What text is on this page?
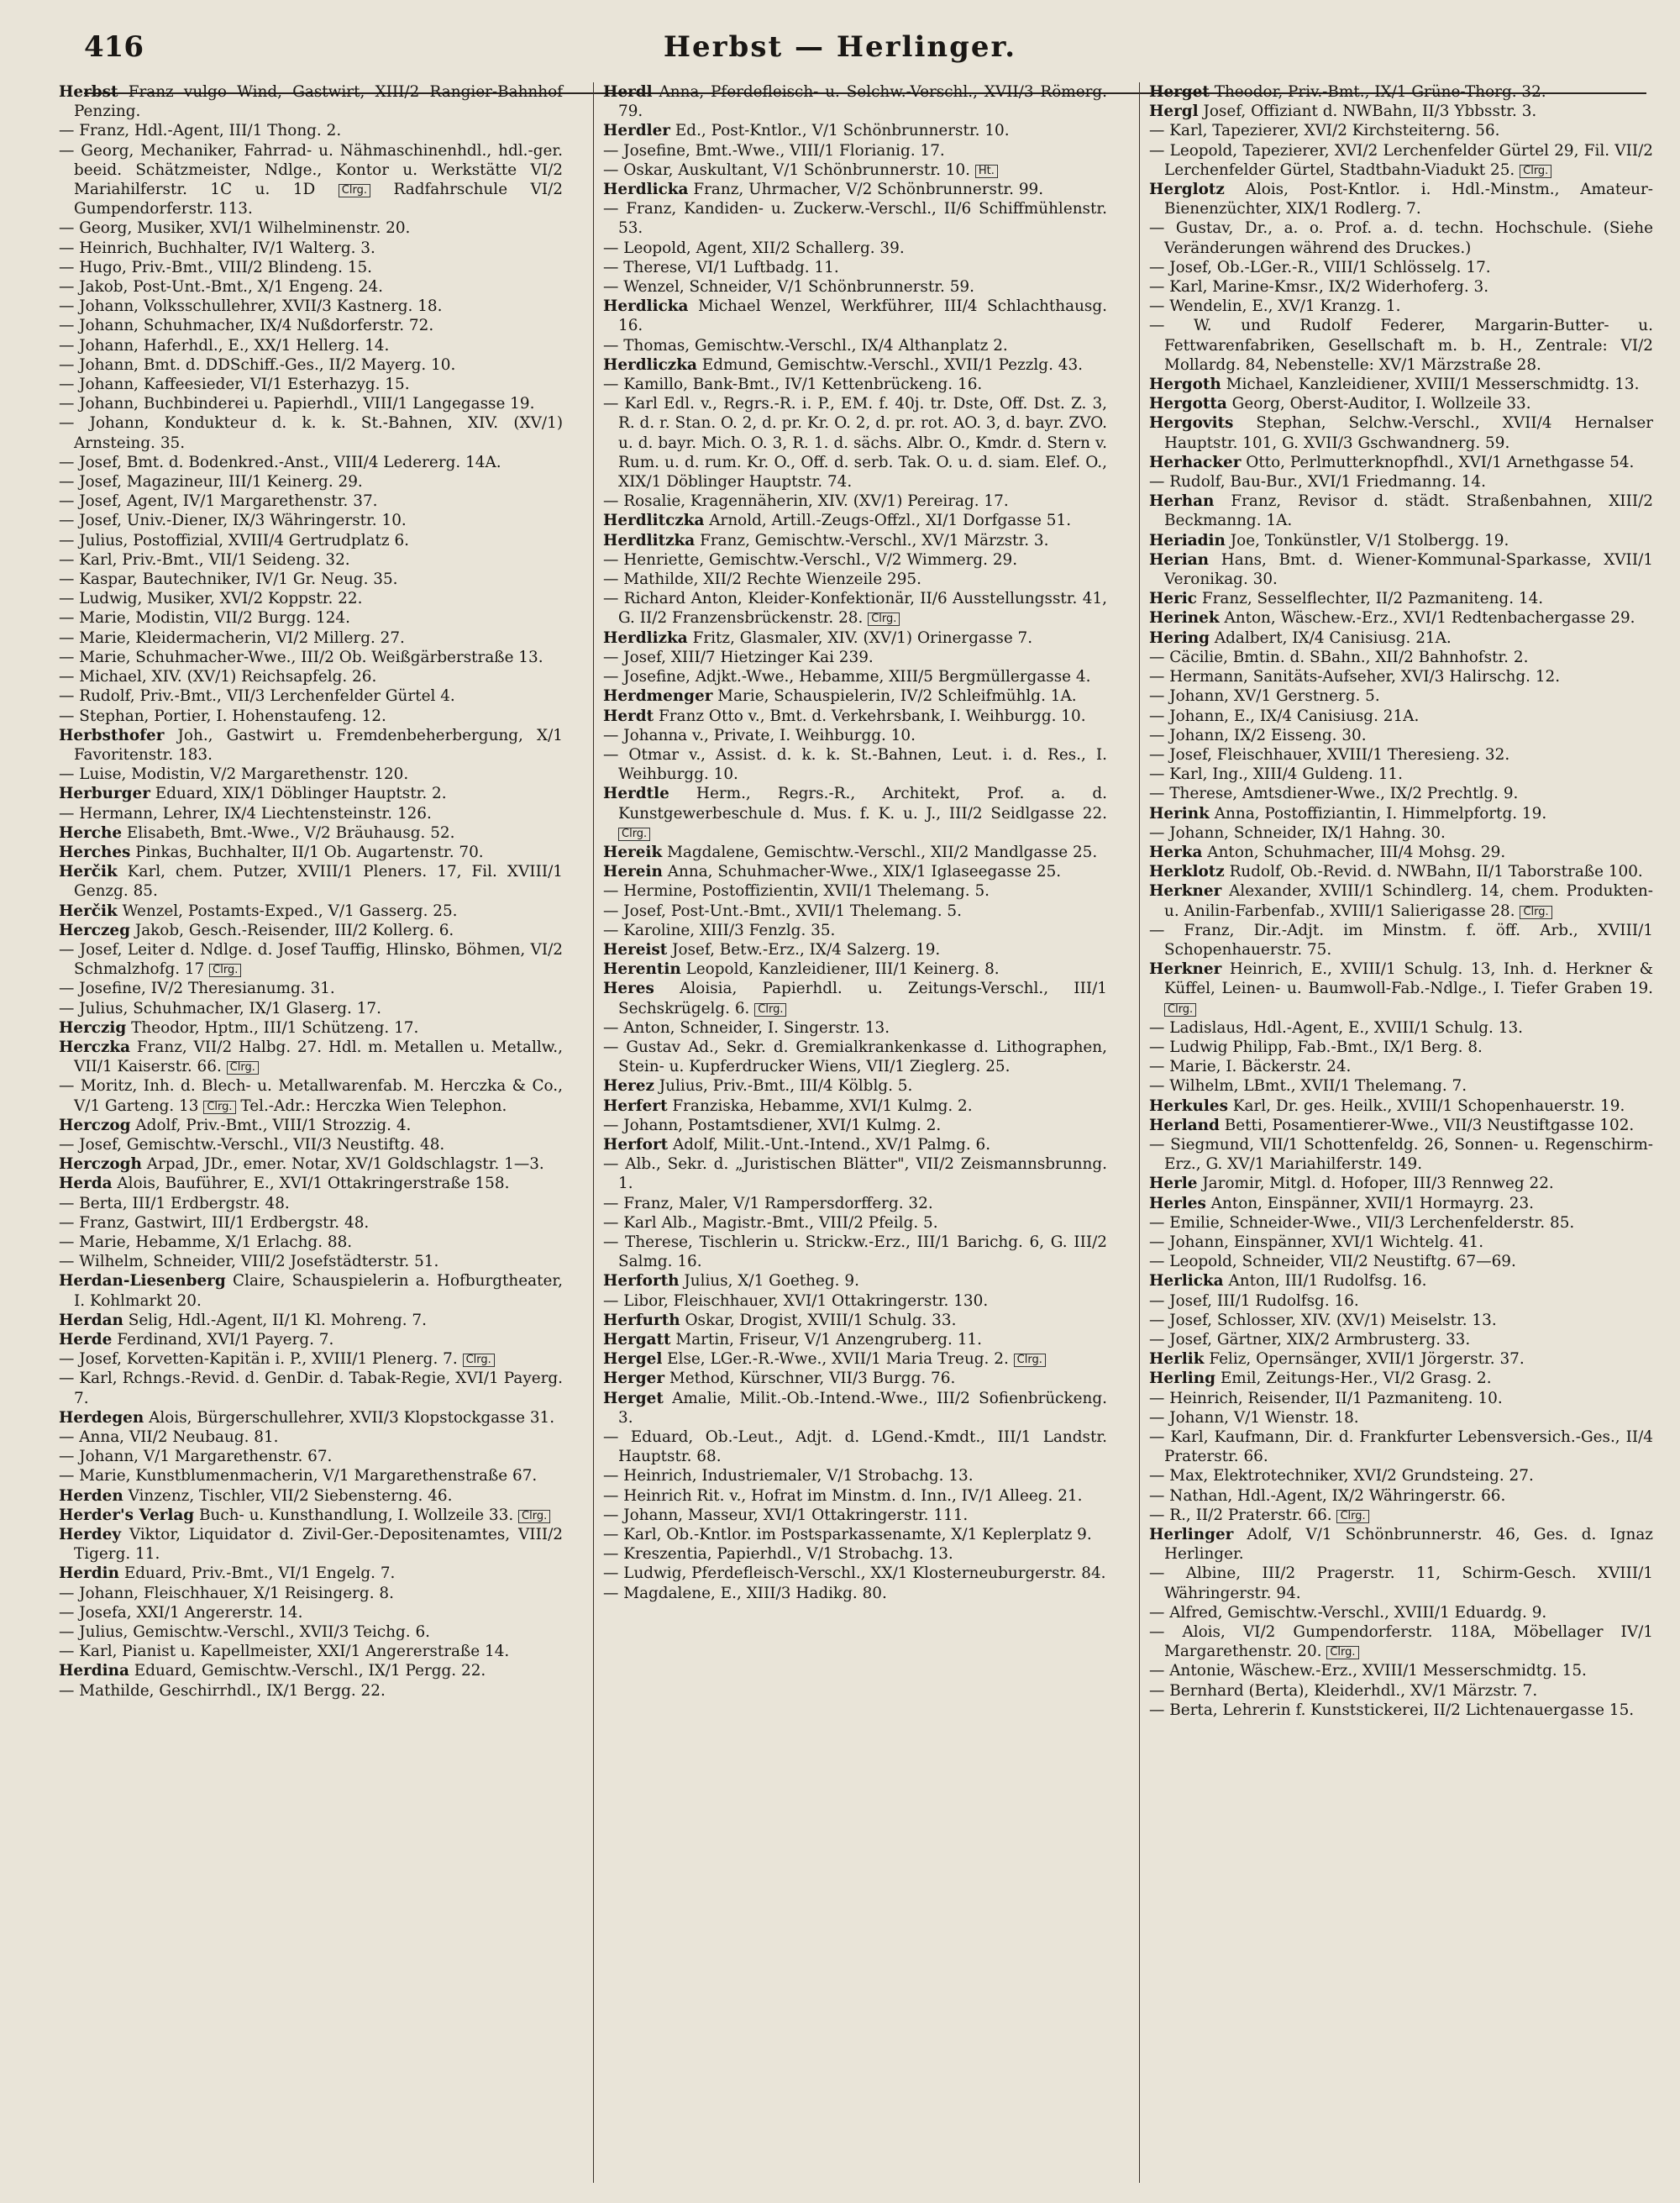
416	Herbst — Herlinger.
Herbst Franz vulgo Wind, Gastwirt, XIII/2 Rangier-Bahnhof Penzing.
— Franz, Hdl.-Agent, III/1 Thong. 2.
— Georg, Mechaniker, Fahrrad- u. Nähmaschinenhdl., hdl.-ger. beeid. Schätzmeister, Ndlge., Kontor u. Werkstätte VI/2 Mariahilferstr. 1C u. 1D Clrg. Radfahrschule VI/2 Gumpendorferstr. 113.
— Georg, Musiker, XVI/1 Wilhelminenstr. 20.
— Heinrich, Buchhalter, IV/1 Walterg. 3.
— Hugo, Priv.-Bmt., VIII/2 Blindeng. 15.
— Jakob, Post-Unt.-Bmt., X/1 Engeng. 24.
— Johann, Volksschullehrer, XVII/3 Kastnerg. 18.
— Johann, Schuhmacher, IX/4 Nußdorferstr. 72.
— Johann, Haferhdl., E., XX/1 Hellerg. 14.
— Johann, Bmt. d. DDSchiff.-Ges., II/2 Mayerg. 10.
— Johann, Kaffeesieder, VI/1 Esterhazyg. 15.
— Johann, Buchbinderei u. Papierhdl., VIII/1 Langegasse 19.
— Johann, Kondukteur d. k. k. St.-Bahnen, XIV. (XV/1) Arnsteing. 35.
— Josef, Bmt. d. Bodenkred.-Anst., VIII/4 Ledererg. 14A.
— Josef, Magazineur, III/1 Keinerg. 29.
— Josef, Agent, IV/1 Margarethenstr. 37.
— Josef, Univ.-Diener, IX/3 Währingerstr. 10.
— Julius, Postoffizial, XVIII/4 Gertrudplatz 6.
— Karl, Priv.-Bmt., VII/1 Seideng. 32.
— Kaspar, Bautechniker, IV/1 Gr. Neug. 35.
— Ludwig, Musiker, XVI/2 Koppstr. 22.
— Marie, Modistin, VII/2 Burgg. 124.
— Marie, Kleidermacherin, VI/2 Millerg. 27.
— Marie, Schuhmacher-Wwe., III/2 Ob. Weißgärberstraße 13.
— Michael, XIV. (XV/1) Reichsapfelg. 26.
— Rudolf, Priv.-Bmt., VII/3 Lerchenfelder Gürtel 4.
— Stephan, Portier, I. Hohenstaufeng. 12.
Herbsthofer Joh., Gastwirt u. Fremdenbeherbergung, X/1 Favoritenstr. 183.
— Luise, Modistin, V/2 Margarethenstr. 120.
Herburger Eduard, XIX/1 Döblinger Hauptstr. 2.
— Hermann, Lehrer, IX/4 Liechtensteinstr. 126.
Herche Elisabeth, Bmt.-Wwe., V/2 Bräuhausg. 52.
Herches Pinkas, Buchhalter, II/1 Ob. Augartenstr. 70.
Herčik Karl, chem. Putzer, XVIII/1 Pleners. 17, Fil. XVIII/1 Genzg. 85.
Herčik Wenzel, Postamts-Exped., V/1 Gasserg. 25.
Herczeg Jakob, Gesch.-Reisender, III/2 Kollerg. 6.
— Josef, Leiter d. Ndlge. d. Josef Tauffig, Hlinsko, Böhmen, VI/2 Schmalzhofg. 17 Clrg.
— Josefine, IV/2 Theresianumg. 31.
— Julius, Schuhmacher, IX/1 Glaserg. 17.
Herczig Theodor, Hptm., III/1 Schützeng. 17.
Herczka Franz, VII/2 Halbg. 27. Hdl. m. Metallen u. Metallw., VII/1 Kaiserstr. 66. Clrg.
— Moritz, Inh. d. Blech- u. Metallwarenfab. M. Herczka & Co., V/1 Garteng. 13 Clrg. Tel.-Adr.: Herczka Wien Telephon.
Herczog Adolf, Priv.-Bmt., VIII/1 Strozzig. 4.
— Josef, Gemischtw.-Verschl., VII/3 Neustiftg. 48.
Herczogh Arpad, JDr., emer. Notar, XV/1 Goldschlagstr. 1—3.
Herda Alois, Bauführer, E., XVI/1 Ottakringerstraße 158.
— Berta, III/1 Erdbergstr. 48.
— Franz, Gastwirt, III/1 Erdbergstr. 48.
— Marie, Hebamme, X/1 Erlachg. 88.
— Wilhelm, Schneider, VIII/2 Josefstädterstr. 51.
Herdan-Liesenberg Claire, Schauspielerin a. Hofburgtheater, I. Kohlmarkt 20.
Herdan Selig, Hdl.-Agent, II/1 Kl. Mohreng. 7.
Herde Ferdinand, XVI/1 Payerg. 7.
— Josef, Korvetten-Kapitän i. P., XVIII/1 Plenerg. 7. Clrg.
— Karl, Rchngs.-Revid. d. GenDir. d. Tabak-Regie, XVI/1 Payerg. 7.
Herdegen Alois, Bürgerschullehrer, XVII/3 Klopstockgasse 31.
— Anna, VII/2 Neubaug. 81.
— Johann, V/1 Margarethenstr. 67.
— Marie, Kunstblumenmacherin, V/1 Margarethenstraße 67.
Herden Vinzenz, Tischler, VII/2 Siebensterng. 46.
Herder's Verlag Buch- u. Kunsthandlung, I. Wollzeile 33. Clrg.
Herdey Viktor, Liquidator d. Zivil-Ger.-Depositenamtes, VIII/2 Tigerg. 11.
Herdin Eduard, Priv.-Bmt., VI/1 Engelg. 7.
— Johann, Fleischhauer, X/1 Reisingerg. 8.
— Josefa, XXI/1 Angererstr. 14.
— Julius, Gemischtw.-Verschl., XVII/3 Teichg. 6.
— Karl, Pianist u. Kapellmeister, XXI/1 Angererstraße 14.
Herdina Eduard, Gemischtw.-Verschl., IX/1 Pergg. 22.
— Mathilde, Geschirrhdl., IX/1 Bergg. 22.
Herdl Anna, Pferdefleisch- u. Selchw.-Verschl., XVII/3 Römerg. 79.
Herdler Ed., Post-Kntlor., V/1 Schönbrunnerstr. 10.
— Josefine, Bmt.-Wwe., VIII/1 Florianig. 17.
— Oskar, Auskultant, V/1 Schönbrunnerstr. 10. Ht.
Herdlicka Franz, Uhrmacher, V/2 Schönbrunnerstr. 99.
— Franz, Kandiden- u. Zuckerw.-Verschl., II/6 Schiffmühlenstr. 53.
— Leopold, Agent, XII/2 Schallerg. 39.
— Therese, VI/1 Luftbadg. 11.
— Wenzel, Schneider, V/1 Schönbrunnerstr. 59.
Herdlicka Michael Wenzel, Werkführer, III/4 Schlachthausg. 16.
— Thomas, Gemischtw.-Verschl., IX/4 Althanplatz 2.
Herdliczka Edmund, Gemischtw.-Verschl., XVII/1 Pezzlg. 43.
— Kamillo, Bank-Bmt., IV/1 Kettenbrückeng. 16.
— Karl Edl. v., Regrs.-R. i. P., EM. f. 40j. tr. Dste, Off. Dst. Z. 3, R. d. r. Stan. O. 2, d. pr. Kr. O. 2, d. pr. rot. AO. 3, d. bayr. ZVO. u. d. bayr. Mich. O. 3, R. 1. d. sächs. Albr. O., Kmdr. d. Stern v. Rum. u. d. rum. Kr. O., Off. d. serb. Tak. O. u. d. siam. Elef. O., XIX/1 Döblinger Hauptstr. 74.
— Rosalie, Kragennäherin, XIV. (XV/1) Pereirag. 17.
Herdlitczka Arnold, Artill.-Zeugs-Offzl., XI/1 Dorfgasse 51.
Herdlitzka Franz, Gemischtw.-Verschl., XV/1 Märzstr. 3.
— Henriette, Gemischtw.-Verschl., V/2 Wimmerg. 29.
— Mathilde, XII/2 Rechte Wienzeile 295.
— Richard Anton, Kleider-Konfektionär, II/6 Ausstellungsstr. 41, G. II/2 Franzensbrückenstr. 28. Clrg.
Herdlizka Fritz, Glasmaler, XIV. (XV/1) Orinergasse 7.
— Josef, XIII/7 Hietzinger Kai 239.
— Josefine, Adjkt.-Wwe., Hebamme, XIII/5 Bergmüllergasse 4.
Herdmenger Marie, Schauspielerin, IV/2 Schleifmühlg. 1A.
Herdt Franz Otto v., Bmt. d. Verkehrsbank, I. Weihburgg. 10.
— Johanna v., Private, I. Weihburgg. 10.
— Otmar v., Assist. d. k. k. St.-Bahnen, Leut. i. d. Res., I. Weihburgg. 10.
Herdtle Herm., Regrs.-R., Architekt, Prof. a. d. Kunstgewerbeschule d. Mus. f. K. u. J., III/2 Seidlgasse 22. Clrg.
Hereik Magdalene, Gemischtw.-Verschl., XII/2 Mandlgasse 25.
Herein Anna, Schuhmacher-Wwe., XIX/1 Iglaseegasse 25.
— Hermine, Postoffizientin, XVII/1 Thelemang. 5.
— Josef, Post-Unt.-Bmt., XVII/1 Thelemang. 5.
— Karoline, XIII/3 Fenzlg. 35.
Hereist Josef, Betw.-Erz., IX/4 Salzerg. 19.
Herentin Leopold, Kanzleidiener, III/1 Keinerg. 8.
Heres Aloisia, Papierhdl. u. Zeitungs-Verschl., III/1 Sechskrügelg. 6. Clrg.
— Anton, Schneider, I. Singerstr. 13.
— Gustav Ad., Sekr. d. Gremialkrankenkasse d. Lithographen, Stein- u. Kupferdrucker Wiens, VII/1 Zieglerg. 25.
Herez Julius, Priv.-Bmt., III/4 Kölblg. 5.
Herfert Franziska, Hebamme, XVI/1 Kulmg. 2.
— Johann, Postamtsdiener, XVI/1 Kulmg. 2.
Herfort Adolf, Milit.-Unt.-Intend., XV/1 Palmg. 6.
— Alb., Sekr. d. „Juristischen Blätter", VII/2 Zeismannsbrunng. 1.
— Franz, Maler, V/1 Rampersdorfferg. 32.
— Karl Alb., Magistr.-Bmt., VIII/2 Pfeilg. 5.
— Therese, Tischlerin u. Strickw.-Erz., III/1 Barichg. 6, G. III/2 Salmg. 16.
Herforth Julius, X/1 Goetheg. 9.
— Libor, Fleischhauer, XVI/1 Ottakringerstr. 130.
Herfurth Oskar, Drogist, XVIII/1 Schulg. 33.
Hergatt Martin, Friseur, V/1 Anzengruberg. 11.
Hergel Else, LGer.-R.-Wwe., XVII/1 Maria Treug. 2. Clrg.
Herger Method, Kürschner, VII/3 Burgg. 76.
Herget Amalie, Milit.-Ob.-Intend.-Wwe., III/2 Sofienbrückeng. 3.
— Eduard, Ob.-Leut., Adjt. d. LGend.-Kmdt., III/1 Landstr. Hauptstr. 68.
— Heinrich, Industriemaler, V/1 Strobachg. 13.
— Heinrich Rit. v., Hofrat im Minstm. d. Inn., IV/1 Alleeg. 21.
— Johann, Masseur, XVI/1 Ottakringerstr. 111.
— Karl, Ob.-Kntlor. im Postsparkassenamte, X/1 Keplerplatz 9.
— Kreszentia, Papierhdl., V/1 Strobachg. 13.
— Ludwig, Pferdefleisch-Verschl., XX/1 Klosterneuburgerstr. 84.
— Magdalene, E., XIII/3 Hadikg. 80.
Herget Theodor, Priv.-Bmt., IX/1 Grüne-Thorg. 32.
Hergl Josef, Offiziant d. NWBahn, II/3 Ybbsstr. 3.
— Karl, Tapezierer, XVI/2 Kirchsteiterng. 56.
— Leopold, Tapezierer, XVI/2 Lerchenfelder Gürtel 29, Fil. VII/2 Lerchenfelder Gürtel, Stadtbahn-Viadukt 25. Clrg.
Herglotz Alois, Post-Kntlor. i. Hdl.-Minstm., Amateur-Bienenzüchter, XIX/1 Rodlerg. 7.
— Gustav, Dr., a. o. Prof. a. d. techn. Hochschule. (Siehe Veränderungen während des Druckes.)
— Josef, Ob.-LGer.-R., VIII/1 Schlösselg. 17.
— Karl, Marine-Kmsr., IX/2 Widerhoferg. 3.
— Wendelin, E., XV/1 Kranzg. 1.
— W. und Rudolf Federer, Margarin-Butter- u. Fettwarenfabriken, Gesellschaft m. b. H., Zentrale: VI/2 Mollardg. 84, Nebenstelle: XV/1 Märzstraße 28.
Hergoth Michael, Kanzleidiener, XVIII/1 Messerschmidtg. 13.
Hergotta Georg, Oberst-Auditor, I. Wollzeile 33.
Hergovits Stephan, Selchw.-Verschl., XVII/4 Hernalser Hauptstr. 101, G. XVII/3 Gschwandnerg. 59.
Herhacker Otto, Perlmutterknopfhdl., XVI/1 Arnethgasse 54.
— Rudolf, Bau-Bur., XVI/1 Friedmanng. 14.
Herhan Franz, Revisor d. städt. Straßenbahnen, XIII/2 Beckmanng. 1A.
Heriadin Joe, Tonkünstler, V/1 Stolbergg. 19.
Herian Hans, Bmt. d. Wiener-Kommunal-Sparkasse, XVII/1 Veronikag. 30.
Heric Franz, Sesselflechter, II/2 Pazmaniteng. 14.
Herinek Anton, Wäschew.-Erz., XVI/1 Redtenbachergasse 29.
Hering Adalbert, IX/4 Canisiusg. 21A.
— Cäcilie, Bmtin. d. SBahn., XII/2 Bahnhofstr. 2.
— Hermann, Sanitäts-Aufseher, XVI/3 Halirschg. 12.
— Johann, XV/1 Gerstnerg. 5.
— Johann, E., IX/4 Canisiusg. 21A.
— Johann, IX/2 Eisseng. 30.
— Josef, Fleischhauer, XVIII/1 Theresieng. 32.
— Karl, Ing., XIII/4 Guldeng. 11.
— Therese, Amtsdiener-Wwe., IX/2 Prechtlg. 9.
Herink Anna, Postoffiziantin, I. Himmelpfortg. 19.
— Johann, Schneider, IX/1 Hahng. 30.
Herka Anton, Schuhmacher, III/4 Mohsg. 29.
Herklotz Rudolf, Ob.-Revid. d. NWBahn, II/1 Taborstraße 100.
Herkner Alexander, XVIII/1 Schindlerg. 14, chem. Produkten- u. Anilin-Farbenfab., XVIII/1 Salierigasse 28. Clrg.
— Franz, Dir.-Adjt. im Minstm. f. öff. Arb., XVIII/1 Schopenhauerstr. 75.
Herkner Heinrich, E., XVIII/1 Schulg. 13, Inh. d. Herkner & Küffel, Leinen- u. Baumwoll-Fab.-Ndlge., I. Tiefer Graben 19. Clrg.
— Ladislaus, Hdl.-Agent, E., XVIII/1 Schulg. 13.
— Ludwig Philipp, Fab.-Bmt., IX/1 Berg. 8.
— Marie, I. Bäckerstr. 24.
— Wilhelm, LBmt., XVII/1 Thelemang. 7.
Herkules Karl, Dr. ges. Heilk., XVIII/1 Schopenhauerstr. 19.
Herland Betti, Posamentierer-Wwe., VII/3 Neustiftgasse 102.
— Siegmund, VII/1 Schottenfeldg. 26, Sonnen- u. Regenschirm-Erz., G. XV/1 Mariahilferstr. 149.
Herle Jaromir, Mitgl. d. Hofoper, III/3 Rennweg 22.
Herles Anton, Einspänner, XVII/1 Hormayrg. 23.
— Emilie, Schneider-Wwe., VII/3 Lerchenfelderstr. 85.
— Johann, Einspänner, XVI/1 Wichtelg. 41.
— Leopold, Schneider, VII/2 Neustiftg. 67—69.
Herlicka Anton, III/1 Rudolfsg. 16.
— Josef, III/1 Rudolfsg. 16.
— Josef, Schlosser, XIV. (XV/1) Meiselstr. 13.
— Josef, Gärtner, XIX/2 Armbrusterg. 33.
Herlik Feliz, Opernsänger, XVII/1 Jörgerstr. 37.
Herling Emil, Zeitungs-Her., VI/2 Grasg. 2.
— Heinrich, Reisender, II/1 Pazmaniteng. 10.
— Johann, V/1 Wienstr. 18.
— Karl, Kaufmann, Dir. d. Frankfurter Lebensversich.-Ges., II/4 Praterstr. 66.
— Max, Elektrotechniker, XVI/2 Grundsteing. 27.
— Nathan, Hdl.-Agent, IX/2 Währingerstr. 66.
— R., II/2 Praterstr. 66. Clrg.
Herlinger Adolf, V/1 Schönbrunnerstr. 46, Ges. d. Ignaz Herlinger.
— Albine, III/2 Pragerstr. 11, Schirm-Gesch. XVIII/1 Währingerstr. 94.
— Alfred, Gemischtw.-Verschl., XVIII/1 Eduardg. 9.
— Alois, VI/2 Gumpendorferstr. 118A, Möbellager IV/1 Margarethenstr. 20. Clrg.
— Antonie, Wäschew.-Erz., XVIII/1 Messerschmidtg. 15.
— Bernhard (Berta), Kleiderhdl., XV/1 Märzstr. 7.
— Berta, Lehrerin f. Kunststickerei, II/2 Lichtenauergasse 15.
